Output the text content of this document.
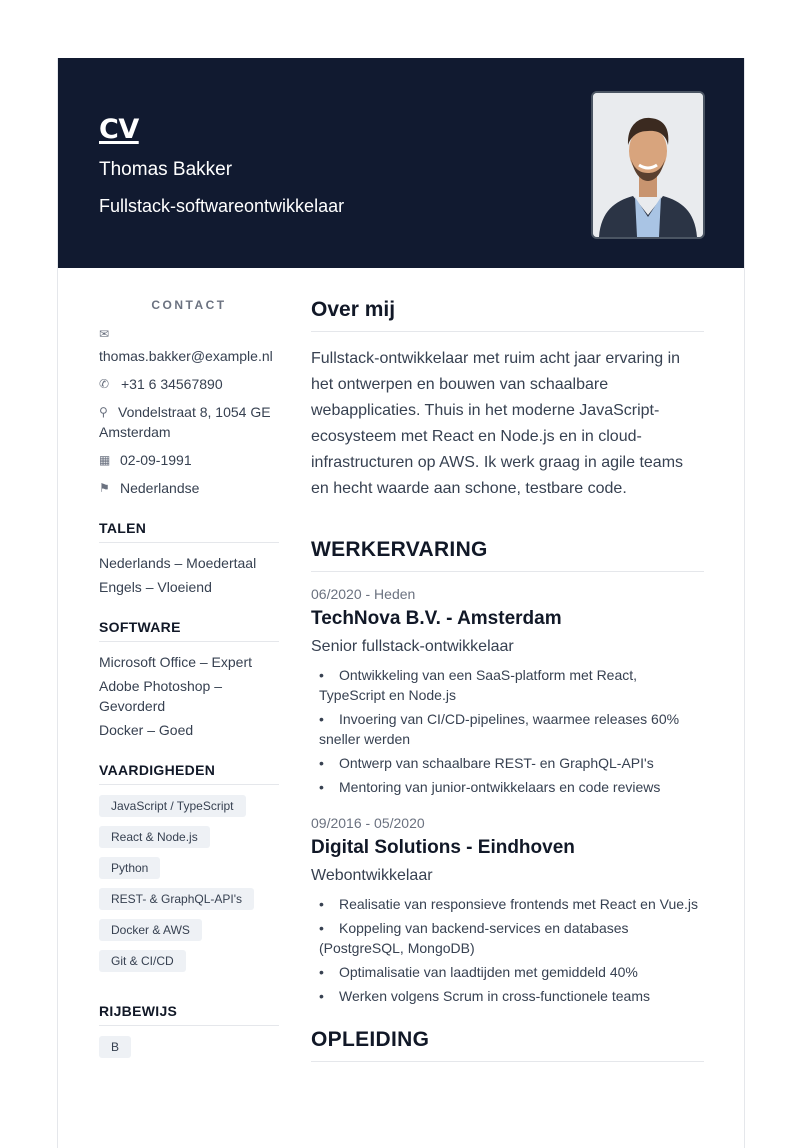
CV
Thomas Bakker
Fullstack-softwareontwikkelaar
CONTACT
✉
thomas.bakker@example.nl
✆ +31 6 34567890
⚲ Vondelstraat 8, 1054 GE Amsterdam
▦ 02-09-1991
⚑ Nederlandse
TALEN
Nederlands – Moedertaal
Engels – Vloeiend
SOFTWARE
Microsoft Office – Expert
Adobe Photoshop – Gevorderd
Docker – Goed
VAARDIGHEDEN
JavaScript / TypeScript
React & Node.js
Python
REST- & GraphQL-API's
Docker & AWS
Git & CI/CD
RIJBEWIJS
B
Over mij
Fullstack-ontwikkelaar met ruim acht jaar ervaring in het ontwerpen en bouwen van schaalbare webapplicaties. Thuis in het moderne JavaScript-ecosysteem met React en Node.js en in cloud-infrastructuren op AWS. Ik werk graag in agile teams en hecht waarde aan schone, testbare code.
WERKERVARING
06/2020 - Heden
TechNova B.V. - Amsterdam
Senior fullstack-ontwikkelaar
• Ontwikkeling van een SaaS-platform met React, TypeScript en Node.js
• Invoering van CI/CD-pipelines, waarmee releases 60% sneller werden
• Ontwerp van schaalbare REST- en GraphQL-API's
• Mentoring van junior-ontwikkelaars en code reviews
09/2016 - 05/2020
Digital Solutions - Eindhoven
Webontwikkelaar
• Realisatie van responsieve frontends met React en Vue.js
• Koppeling van backend-services en databases (PostgreSQL, MongoDB)
• Optimalisatie van laadtijden met gemiddeld 40%
• Werken volgens Scrum in cross-functionele teams
OPLEIDING
